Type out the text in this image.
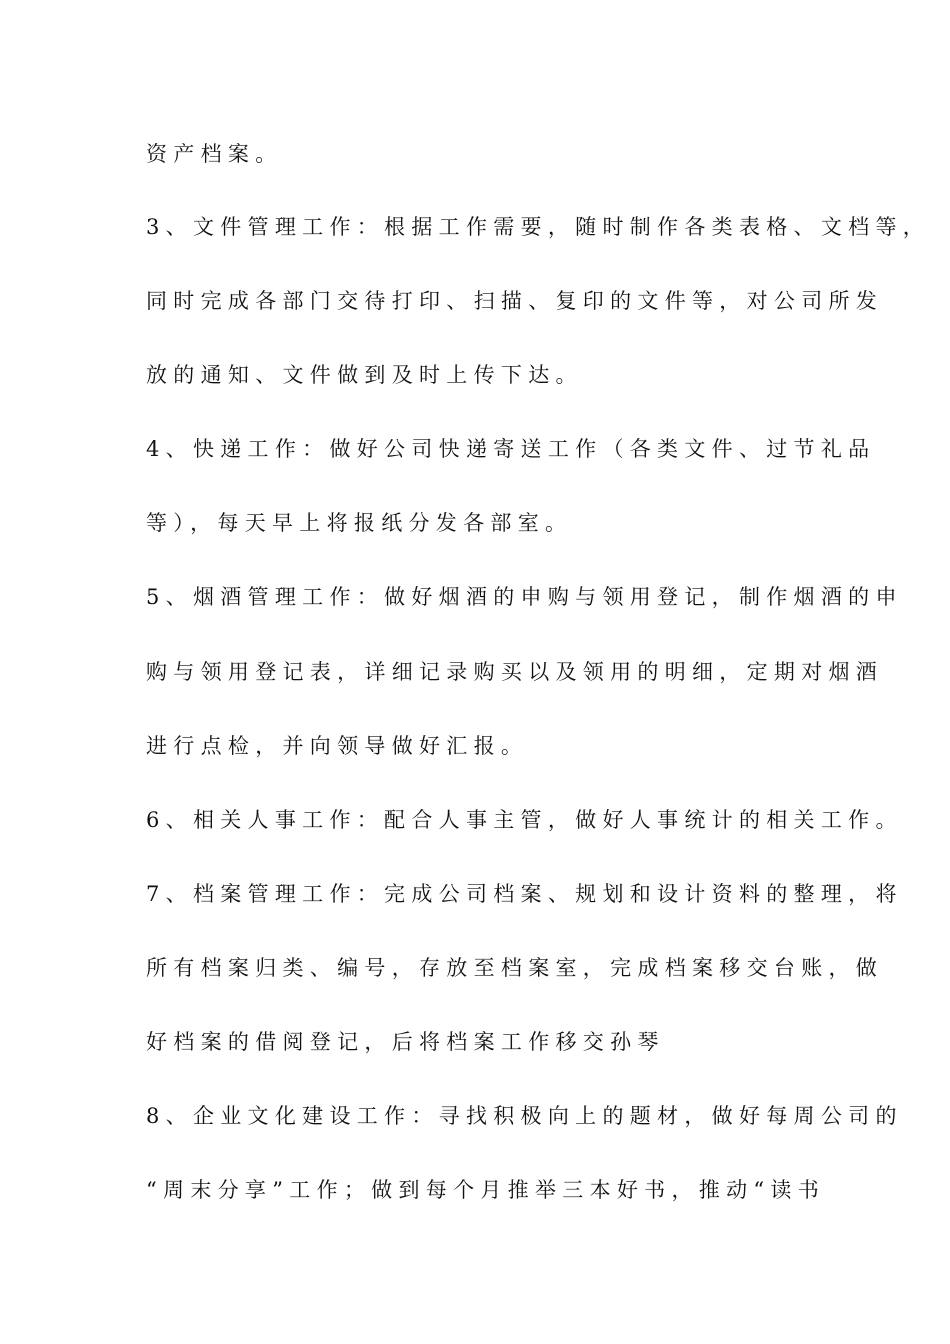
资产档案。
3、文件管理工作：根据工作需要，随时制作各类表格、文档等，
同时完成各部门交待打印、扫描、复印的文件等，对公司所发
放的通知、文件做到及时上传下达。
4、快递工作：做好公司快递寄送工作（各类文件、过节礼品
等），每天早上将报纸分发各部室。
5、烟酒管理工作：做好烟酒的申购与领用登记，制作烟酒的申
购与领用登记表，详细记录购买以及领用的明细，定期对烟酒
进行点检，并向领导做好汇报。
6、相关人事工作：配合人事主管，做好人事统计的相关工作。
7、档案管理工作：完成公司档案、规划和设计资料的整理，将
所有档案归类、编号，存放至档案室，完成档案移交台账，做
好档案的借阅登记，后将档案工作移交孙琴
8、企业文化建设工作：寻找积极向上的题材，做好每周公司的
“周末分享”工作；做到每个月推举三本好书，推动“读书
